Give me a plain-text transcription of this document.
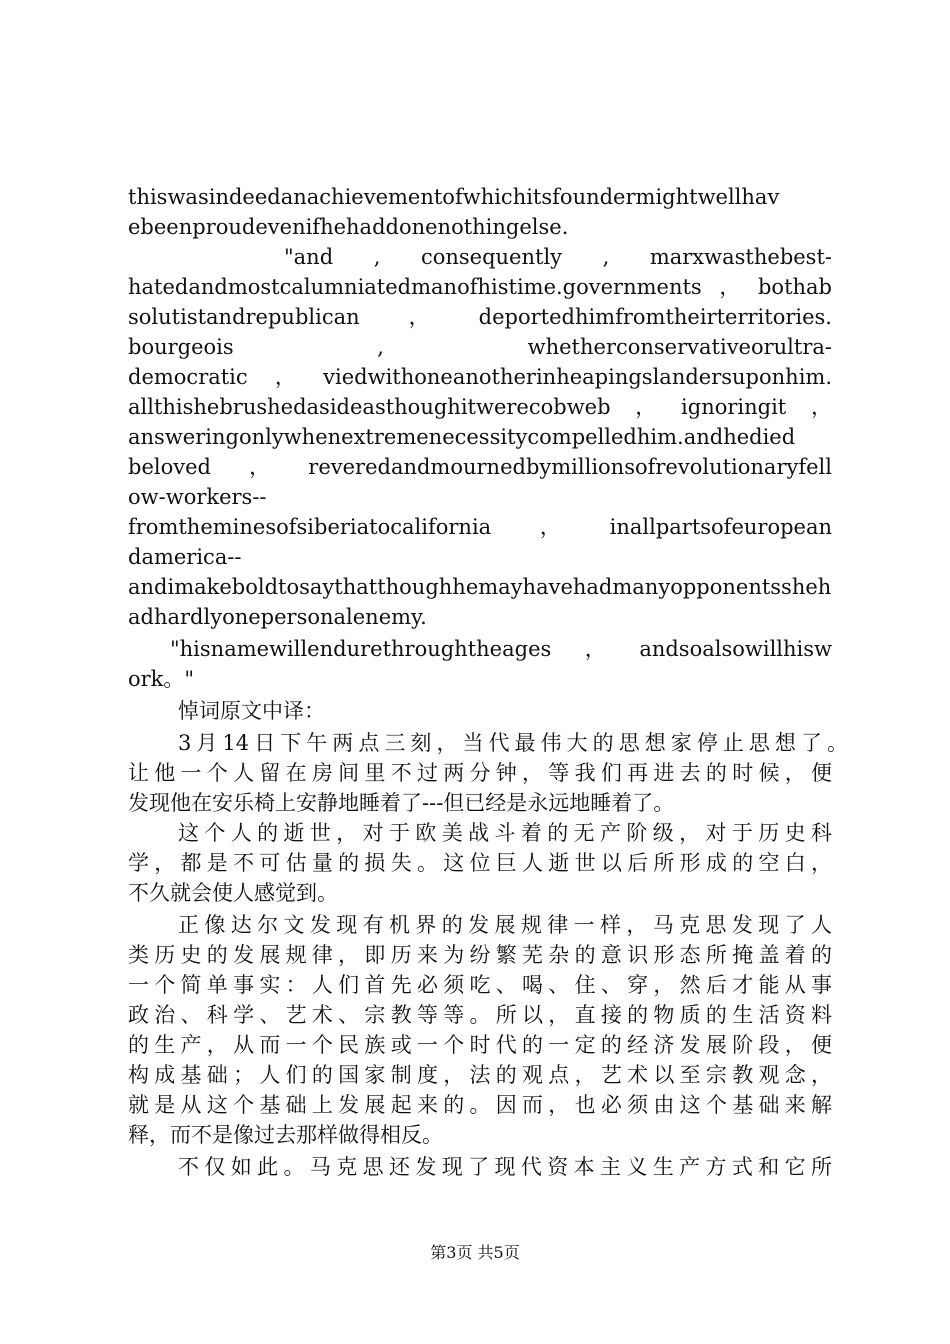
thiswasindeedanachievementofwhichitsfoundermightwellhav
ebeenproudevenifhehaddonenothingelse.
"and , consequently , marxwasthebest-
hatedandmostcalumniatedmanofhistime.governments，bothab
solutistandrepublican，deportedhimfromtheirterritories.
bourgeois , whetherconservativeorultra-
democratic，viedwithoneanotherinheapingslandersuponhim.
allthishebrushedasideasthoughitwerecobweb，ignoringit，
answeringonlywhenextremenecessitycompelledhim.andhedied
beloved，reveredandmournedbymillionsofrevolutionaryfell
ow-workers--
fromtheminesofsiberiatocalifornia，inallpartsofeuropean
damerica--
andimakeboldtosaythatthoughhemayhavehadmanyopponentssheh
adhardlyonepersonalenemy.
"hisnamewillendurethroughtheages，andsoalsowillhisw
ork。"
悼词原文中译：
3月14日下午两点三刻，当代最伟大的思想家停止思想了。
让他一个人留在房间里不过两分钟，等我们再进去的时候，便
发现他在安乐椅上安静地睡着了---但已经是永远地睡着了。
这个人的逝世，对于欧美战斗着的无产阶级，对于历史科
学，都是不可估量的损失。这位巨人逝世以后所形成的空白，
不久就会使人感觉到。
正像达尔文发现有机界的发展规律一样，马克思发现了人
类历史的发展规律，即历来为纷繁芜杂的意识形态所掩盖着的
一个简单事实：人们首先必须吃、喝、住、穿，然后才能从事
政治、科学、艺术、宗教等等。所以，直接的物质的生活资料
的生产，从而一个民族或一个时代的一定的经济发展阶段，便
构成基础；人们的国家制度，法的观点，艺术以至宗教观念，
就是从这个基础上发展起来的。因而，也必须由这个基础来解
释，而不是像过去那样做得相反。
不仅如此。马克思还发现了现代资本主义生产方式和它所
第3页 共5页
